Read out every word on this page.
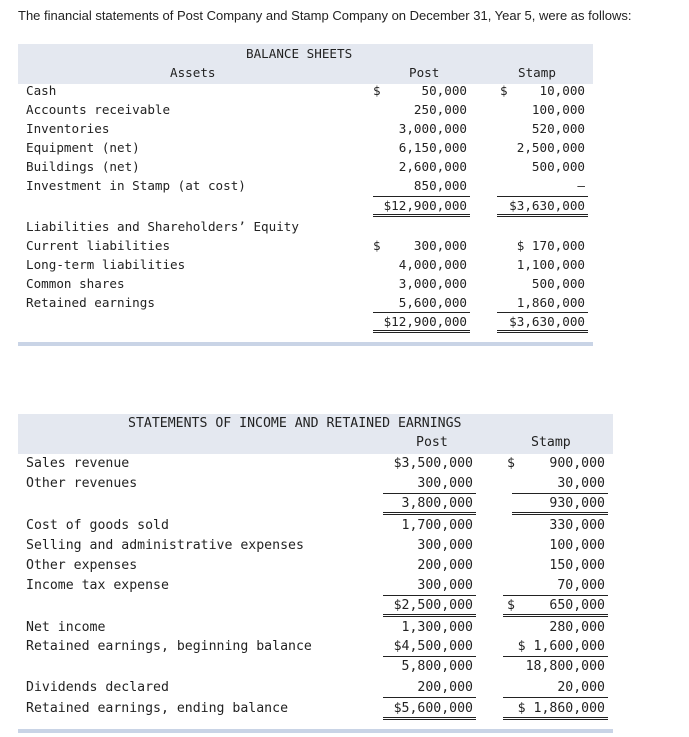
The financial statements of Post Company and Stamp Company on December 31, Year 5, were as follows:
BALANCE SHEETS
Assets	Post	Stamp
Cash	$	50,000	$	10,000
Accounts receivable	250,000	100,000
Inventories	3,000,000	520,000
Equipment (net)	6,150,000	2,500,000
Buildings (net)	2,600,000	500,000
Investment in Stamp (at cost)	850,000	–
$12,900,000	$3,630,000
Liabilities and Shareholders’ Equity
Current liabilities	$	300,000	$ 170,000
Long-term liabilities	4,000,000	1,100,000
Common shares	3,000,000	500,000
Retained earnings	5,600,000	1,860,000
$12,900,000	$3,630,000
STATEMENTS OF INCOME AND RETAINED EARNINGS
Post	Stamp
Sales revenue	$3,500,000	$	900,000
Other revenues	300,000	30,000
3,800,000	930,000
Cost of goods sold	1,700,000	330,000
Selling and administrative expenses	300,000	100,000
Other expenses	200,000	150,000
Income tax expense	300,000	70,000
$2,500,000	$	650,000
Net income	1,300,000	280,000
Retained earnings, beginning balance	$4,500,000	$ 1,600,000
5,800,000	18,800,000
Dividends declared	200,000	20,000
Retained earnings, ending balance	$5,600,000	$ 1,860,000
